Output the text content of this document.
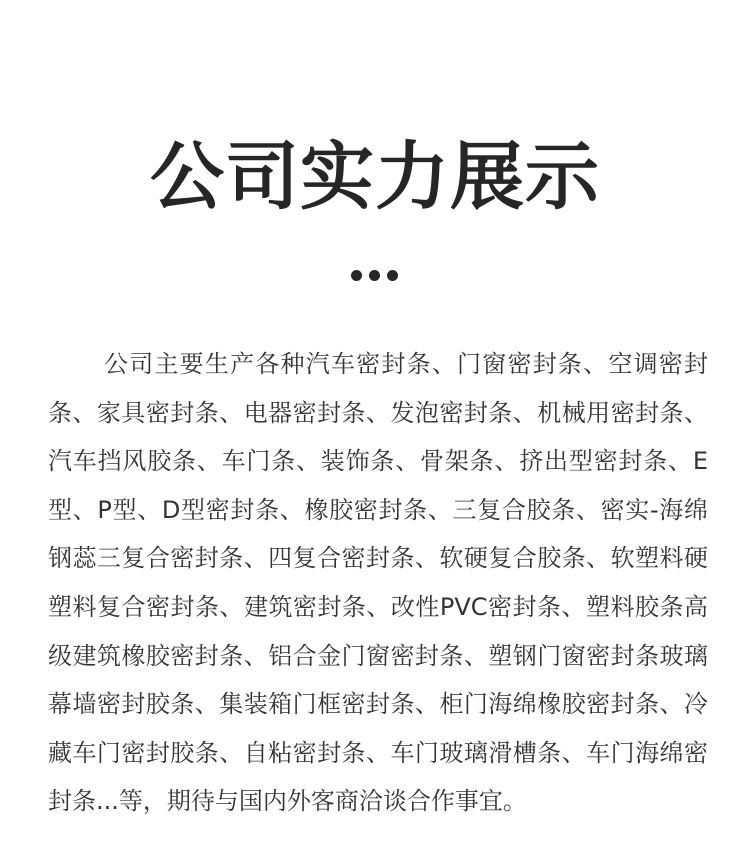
公司实力展示

公司主要生产各种汽车密封条、门窗密封条、空调密封条、家具密封条、电器密封条、发泡密封条、机械用密封条、汽车挡风胶条、车门条、装饰条、骨架条、挤出型密封条、E型、P型、D型密封条、橡胶密封条、三复合胶条、密实-海绵钢蕊三复合密封条、四复合密封条、软硬复合胶条、软塑料硬塑料复合密封条、建筑密封条、改性PVC密封条、塑料胶条高级建筑橡胶密封条、铝合金门窗密封条、塑钢门窗密封条玻璃幕墙密封胶条、集装箱门框密封条、柜门海绵橡胶密封条、冷藏车门密封胶条、自粘密封条、车门玻璃滑槽条、车门海绵密封条...等，期待与国内外客商洽谈合作事宜。
